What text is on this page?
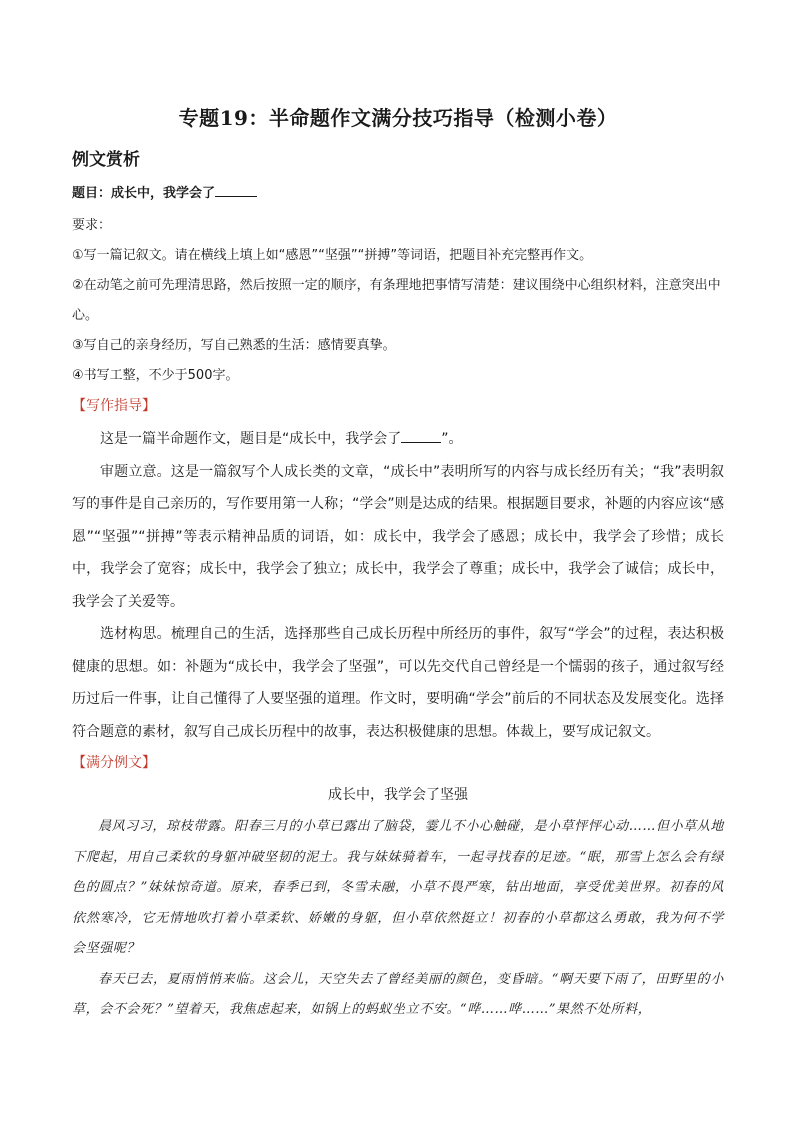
专题19：半命题作文满分技巧指导（检测小卷）
例文赏析
题目：成长中，我学会了
要求：
①写一篇记叙文。请在横线上填上如“感恩”“坚强”“拼搏”等词语，把题目补充完整再作文。
②在动笔之前可先理清思路，然后按照一定的顺序，有条理地把事情写清楚：建议围绕中心组织材料，注意突出中心。
③写自己的亲身经历，写自己熟悉的生活：感情要真挚。
④书写工整，不少于500字。
【写作指导】
这是一篇半命题作文，题目是“成长中，我学会了	”。
审题立意。这是一篇叙写个人成长类的文章，“成长中”表明所写的内容与成长经历有关；“我”表明叙写的事件是自己亲历的，写作要用第一人称；“学会”则是达成的结果。根据题目要求，补题的内容应该“感恩”“坚强”“拼搏”等表示精神品质的词语，如：成长中，我学会了感恩；成长中，我学会了珍惜；成长中，我学会了宽容；成长中，我学会了独立；成长中，我学会了尊重；成长中，我学会了诚信；成长中，我学会了关爱等。
选材构思。梳理自己的生活，选择那些自己成长历程中所经历的事件，叙写“学会”的过程，表达积极健康的思想。如：补题为“成长中，我学会了坚强”，可以先交代自己曾经是一个懦弱的孩子，通过叙写经历过后一件事，让自己懂得了人要坚强的道理。作文时，要明确“学会”前后的不同状态及发展变化。选择符合题意的素材，叙写自己成长历程中的故事，表达积极健康的思想。体裁上，要写成记叙文。
【满分例文】
成长中，我学会了坚强
晨风习习，琼枝带露。阳春三月的小草已露出了脑袋，霎儿不小心触碰，是小草怦怦心动……但小草从地下爬起，用自己柔软的身躯冲破坚韧的泥土。我与妹妹骑着车，一起寻找春的足迹。“眠，那雪上怎么会有绿色的圆点？”妹妹惊奇道。原来，春季已到，冬雪未融，小草不畏严寒，钻出地面，享受优美世界。初春的风依然寒冷，它无情地吹打着小草柔软、娇嫩的身躯，但小草依然挺立！初春的小草都这么勇敢，我为何不学会坚强呢？
春天已去，夏雨悄悄来临。这会儿，天空失去了曾经美丽的颜色，变昏暗。“啊天要下雨了，田野里的小草，会不会死？”望着天，我焦虑起来，如锅上的蚂蚁坐立不安。“哗……哗……”果然不处所料，
